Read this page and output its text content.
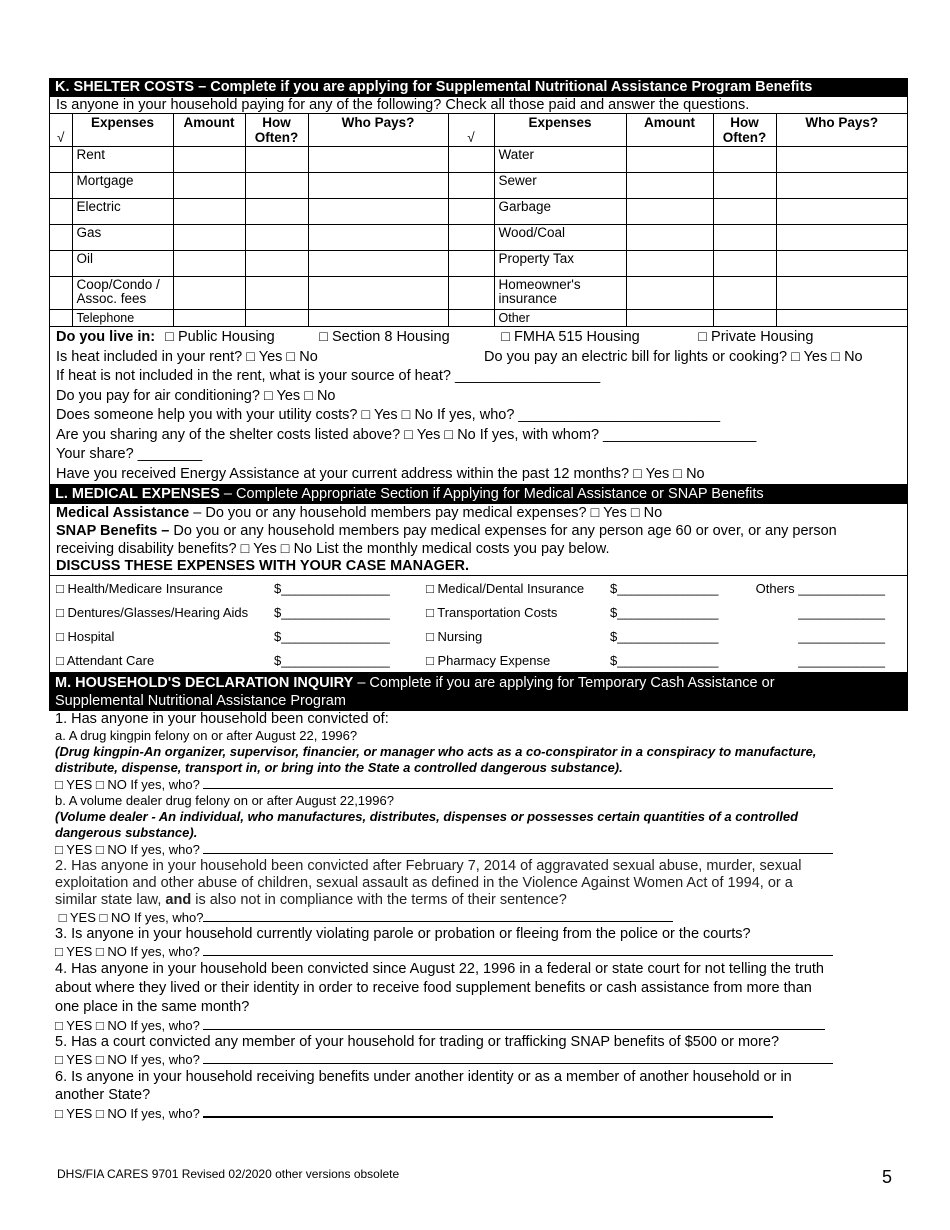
K. SHELTER COSTS – Complete if you are applying for Supplemental Nutritional Assistance Program Benefits
Is anyone in your household paying for any of the following? Check all those paid and answer the questions.
√	Expenses	Amount	How Often?	Who Pays?	√	Expenses	Amount	How Often?	Who Pays?
	Rent					Water			
	Mortgage					Sewer			
	Electric					Garbage			
	Gas					Wood/Coal			
	Oil					Property Tax			
	Coop/Condo / Assoc. fees					Homeowner's insurance			
	Telephone					Other			
Do you live in: □ Public Housing	□ Section 8 Housing	□ FMHA 515 Housing	□ Private Housing
Is heat included in your rent? □ Yes □ No	Do you pay an electric bill for lights or cooking? □ Yes □ No
If heat is not included in the rent, what is your source of heat? __________________
Do you pay for air conditioning? □ Yes □ No
Does someone help you with your utility costs? □ Yes □ No If yes, who? _________________________
Are you sharing any of the shelter costs listed above? □ Yes □ No If yes, with whom? ___________________
Your share? ________
Have you received Energy Assistance at your current address within the past 12 months? □ Yes □ No
L. MEDICAL EXPENSES – Complete Appropriate Section if Applying for Medical Assistance or SNAP Benefits
Medical Assistance – Do you or any household members pay medical expenses? □ Yes □ No
SNAP Benefits – Do you or any household members pay medical expenses for any person age 60 or over, or any person
receiving disability benefits? □ Yes □ No List the monthly medical costs you pay below.
DISCUSS THESE EXPENSES WITH YOUR CASE MANAGER.
□ Health/Medicare Insurance	$_______________	□ Medical/Dental Insurance	$______________	Others ____________
□ Dentures/Glasses/Hearing Aids	$_______________	□ Transportation Costs	$______________	____________
□ Hospital	$_______________	□ Nursing	$______________	____________
□ Attendant Care	$_______________	□ Pharmacy Expense	$______________	____________
M. HOUSEHOLD'S DECLARATION INQUIRY – Complete if you are applying for Temporary Cash Assistance or
Supplemental Nutritional Assistance Program
1. Has anyone in your household been convicted of:
a. A drug kingpin felony on or after August 22, 1996?
(Drug kingpin-An organizer, supervisor, financier, or manager who acts as a co-conspirator in a conspiracy to manufacture,
distribute, dispense, transport in, or bring into the State a controlled dangerous substance).
□ YES □ NO If yes, who?
b. A volume dealer drug felony on or after August 22,1996?
(Volume dealer - An individual, who manufactures, distributes, dispenses or possesses certain quantities of a controlled
dangerous substance).
□ YES □ NO If yes, who?
2. Has anyone in your household been convicted after February 7, 2014 of aggravated sexual abuse, murder, sexual
exploitation and other abuse of children, sexual assault as defined in the Violence Against Women Act of 1994, or a
similar state law, and is also not in compliance with the terms of their sentence?
□ YES □ NO If yes, who?
3. Is anyone in your household currently violating parole or probation or fleeing from the police or the courts?
□ YES □ NO If yes, who?
4. Has anyone in your household been convicted since August 22, 1996 in a federal or state court for not telling the truth
about where they lived or their identity in order to receive food supplement benefits or cash assistance from more than
one place in the same month?
□ YES □ NO If yes, who?
5. Has a court convicted any member of your household for trading or trafficking SNAP benefits of $500 or more?
□ YES □ NO If yes, who?
6. Is anyone in your household receiving benefits under another identity or as a member of another household or in
another State?
□ YES □ NO If yes, who?
DHS/FIA CARES 9701 Revised 02/2020 other versions obsolete	5
